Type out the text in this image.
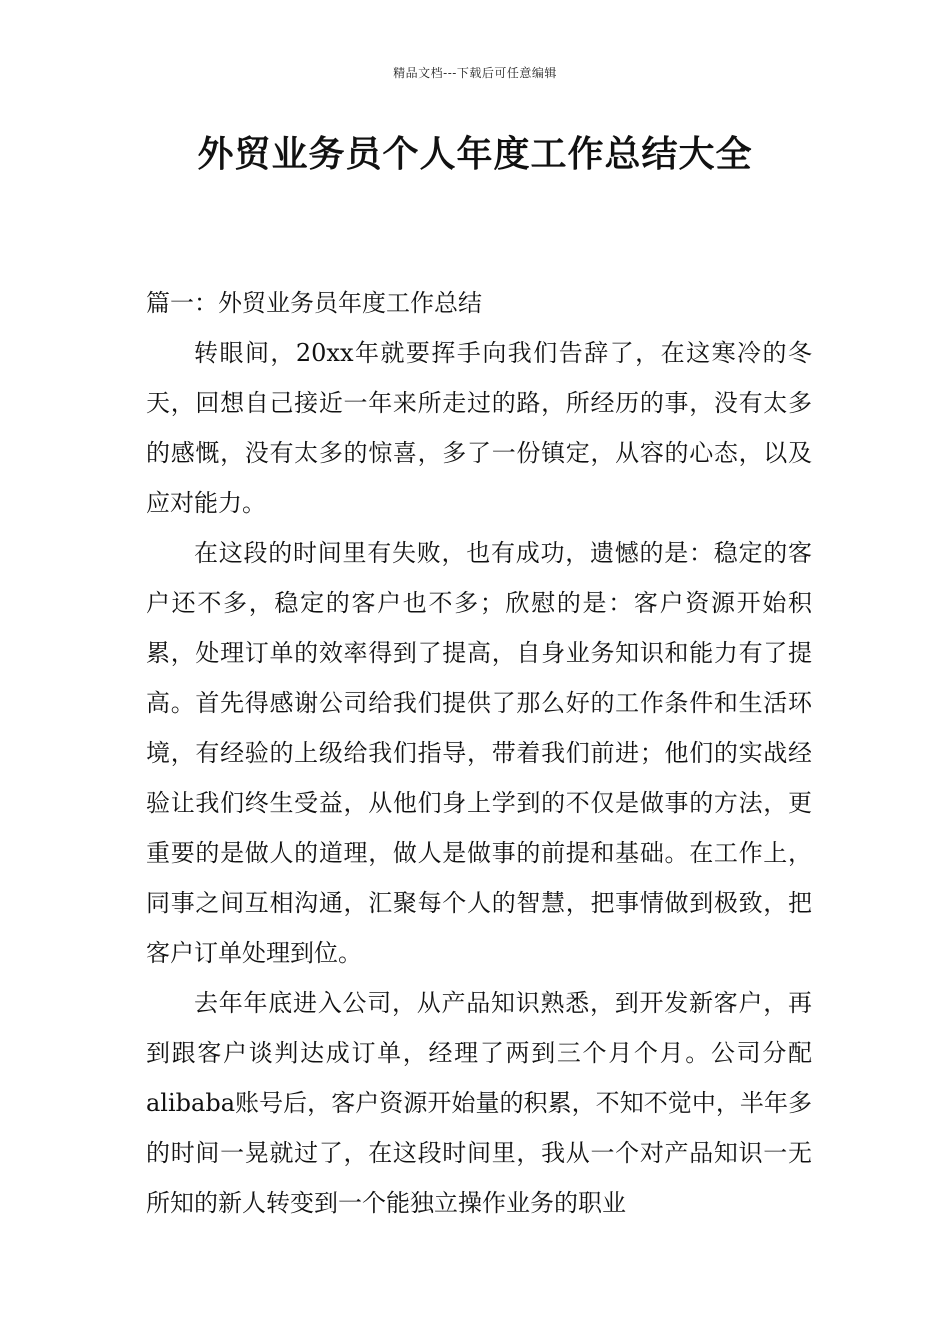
精品文档---下载后可任意编辑
外贸业务员个人年度工作总结大全
篇一：外贸业务员年度工作总结

转眼间，20xx年就要挥手向我们告辞了，在这寒冷的冬天，回想自己接近一年来所走过的路，所经历的事，没有太多的感慨，没有太多的惊喜，多了一份镇定，从容的心态，以及应对能力。

在这段的时间里有失败，也有成功，遗憾的是：稳定的客户还不多，稳定的客户也不多；欣慰的是：客户资源开始积累，处理订单的效率得到了提高，自身业务知识和能力有了提高。首先得感谢公司给我们提供了那么好的工作条件和生活环境，有经验的上级给我们指导，带着我们前进；他们的实战经验让我们终生受益，从他们身上学到的不仅是做事的方法，更重要的是做人的道理，做人是做事的前提和基础。在工作上，同事之间互相沟通，汇聚每个人的智慧，把事情做到极致，把客户订单处理到位。

去年年底进入公司，从产品知识熟悉，到开发新客户，再到跟客户谈判达成订单，经理了两到三个月个月。公司分配alibaba账号后，客户资源开始量的积累，不知不觉中，半年多的时间一晃就过了，在这段时间里，我从一个对产品知识一无所知的新人转变到一个能独立操作业务的职业
